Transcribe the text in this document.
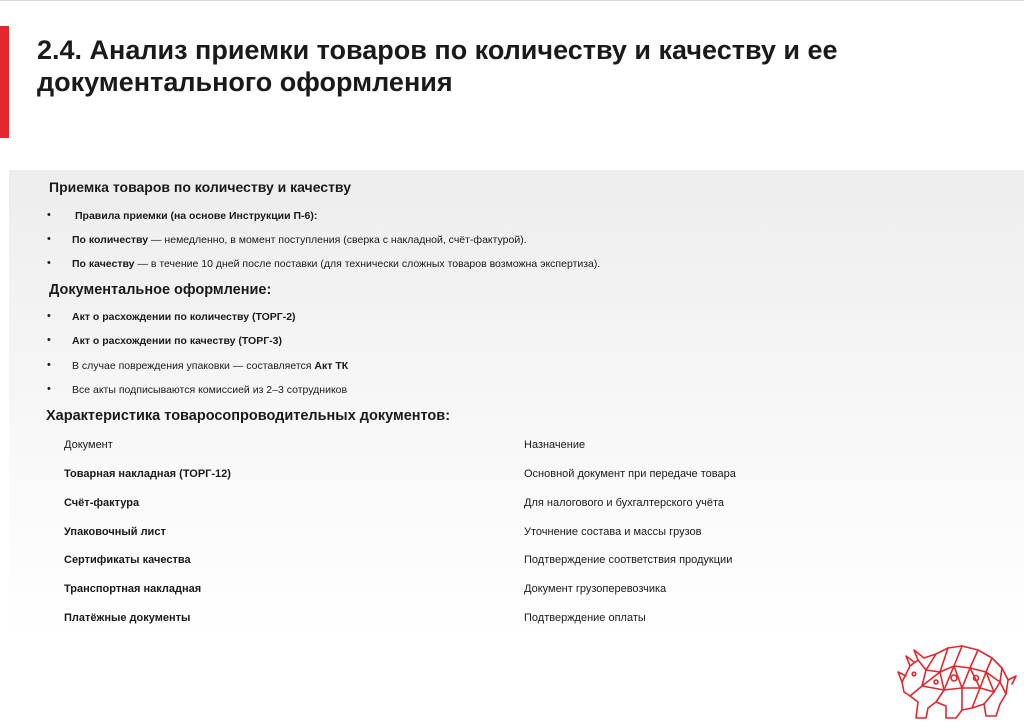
2.4. Анализ приемки товаров по количеству и качеству и ее документального оформления
Приемка товаров по количеству и качеству
• Правила приемки (на основе Инструкции П-6):
• По количеству — немедленно, в момент поступления (сверка с накладной, счёт-фактурой).
• По качеству — в течение 10 дней после поставки (для технически сложных товаров возможна экспертиза).
Документальное оформление:
• Акт о расхождении по количеству (ТОРГ-2)
• Акт о расхождении по качеству (ТОРГ-3)
• В случае повреждения упаковки — составляется Акт ТК
• Все акты подписываются комиссией из 2–3 сотрудников
Характеристика товаросопроводительных документов:
Документ	Назначение
Товарная накладная (ТОРГ-12)	Основной документ при передаче товара
Счёт-фактура	Для налогового и бухгалтерского учёта
Упаковочный лист	Уточнение состава и массы грузов
Сертификаты качества	Подтверждение соответствия продукции
Транспортная накладная	Документ грузоперевозчика
Платёжные документы	Подтверждение оплаты
